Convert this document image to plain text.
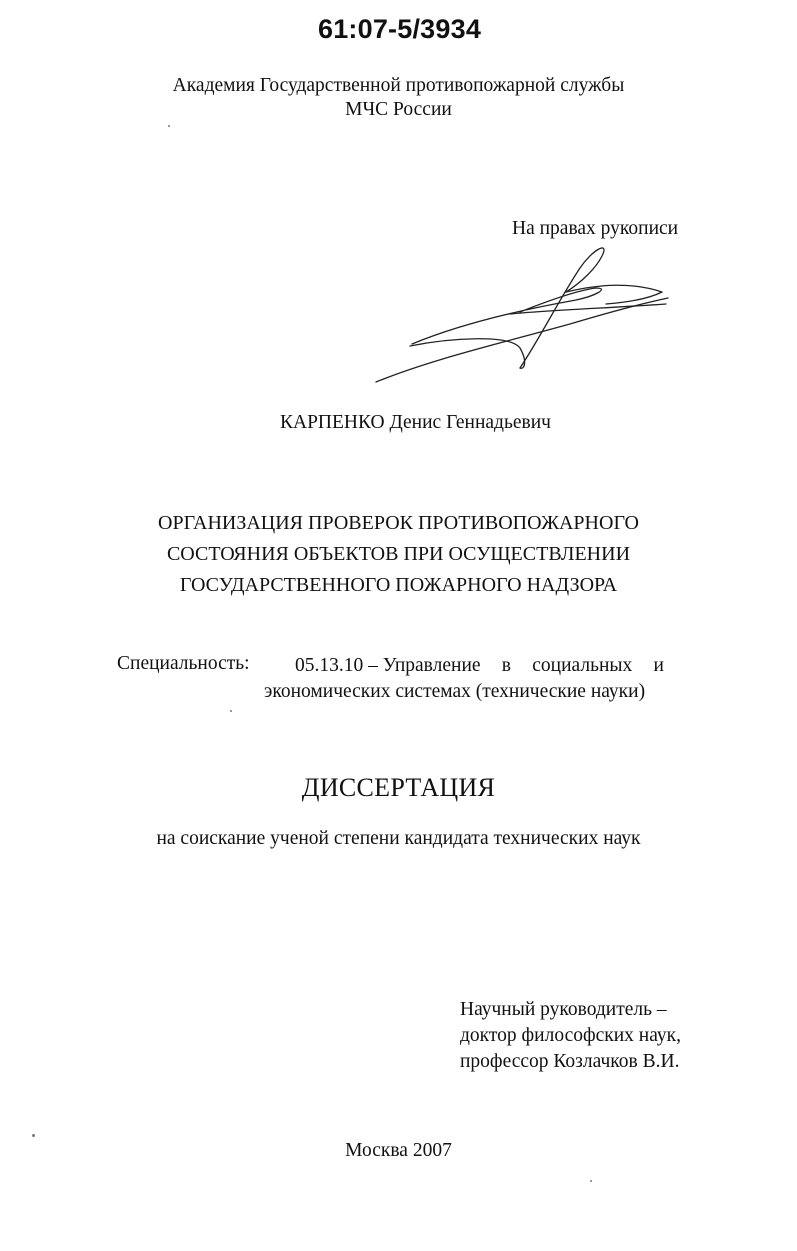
61:07-5/3934
Академия Государственной противопожарной службы
МЧС России
На правах рукописи
КАРПЕНКО Денис Геннадьевич
ОРГАНИЗАЦИЯ ПРОВЕРОК ПРОТИВОПОЖАРНОГО
СОСТОЯНИЯ ОБЪЕКТОВ ПРИ ОСУЩЕСТВЛЕНИИ
ГОСУДАРСТВЕННОГО ПОЖАРНОГО НАДЗОРА
Специальность: 05.13.10 – Управление в социальных и
экономических системах (технические науки)
ДИССЕРТАЦИЯ
на соискание ученой степени кандидата технических наук
Научный руководитель –
доктор философских наук,
профессор Козлачков В.И.
Москва 2007
